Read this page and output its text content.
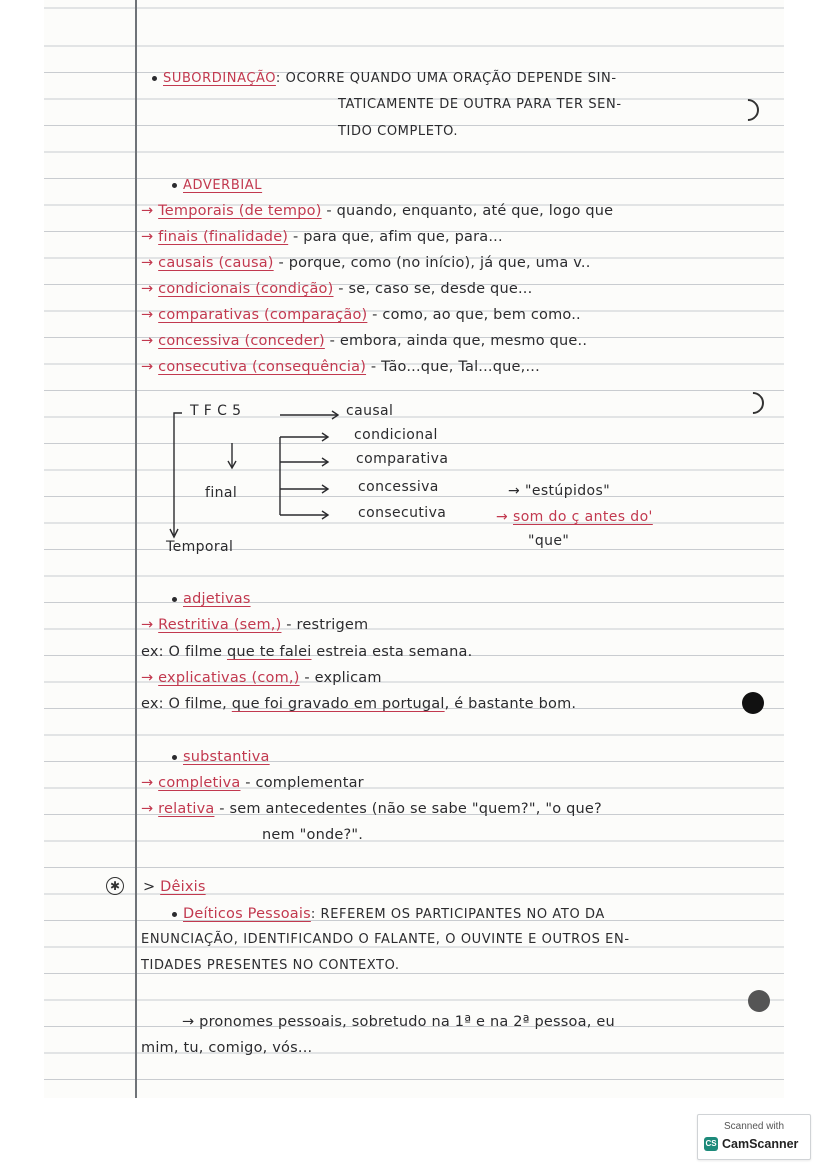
SUBORDINAÇÃO: OCORRE QUANDO UMA ORAÇÃO DEPENDE SIN-
TATICAMENTE DE OUTRA PARA TER SEN-
TIDO COMPLETO.
ADVERBIAL
→ Temporais (de tempo) - quando, enquanto, até que, logo que
→ finais (finalidade) - para que, afim que, para...
→ causais (causa) - porque, como (no início), já que, uma v..
→ condicionais (condição) - se, caso se, desde que...
→ comparativas (comparação) - como, ao que, bem como..
→ concessiva (conceder) - embora, ainda que, mesmo que..
→ consecutiva (consequência) - Tão...que, Tal...que,...
T F C 5
final
Temporal
causal
condicional
comparativa
concessiva
consecutiva
→ "estúpidos"
→ som do ç antes do'
"que"
adjetivas
→ Restritiva (sem,) - restrigem
ex: O filme que te falei estreia esta semana.
→ explicativas (com,) - explicam
ex: O filme, que foi gravado em portugal, é bastante bom.
substantiva
→ completiva - complementar
→ relativa - sem antecedentes (não se sabe "quem?", "o que?
nem "onde?".
✱ > Dêixis
Deíticos Pessoais: REFEREM OS PARTICIPANTES NO ATO DA
ENUNCIAÇÃO, IDENTIFICANDO O FALANTE, O OUVINTE E OUTROS EN-
TIDADES PRESENTES NO CONTEXTO.
→ pronomes pessoais, sobretudo na 1ª e na 2ª pessoa, eu
mim, tu, comigo, vós...
Scanned with
CS CamScanner
